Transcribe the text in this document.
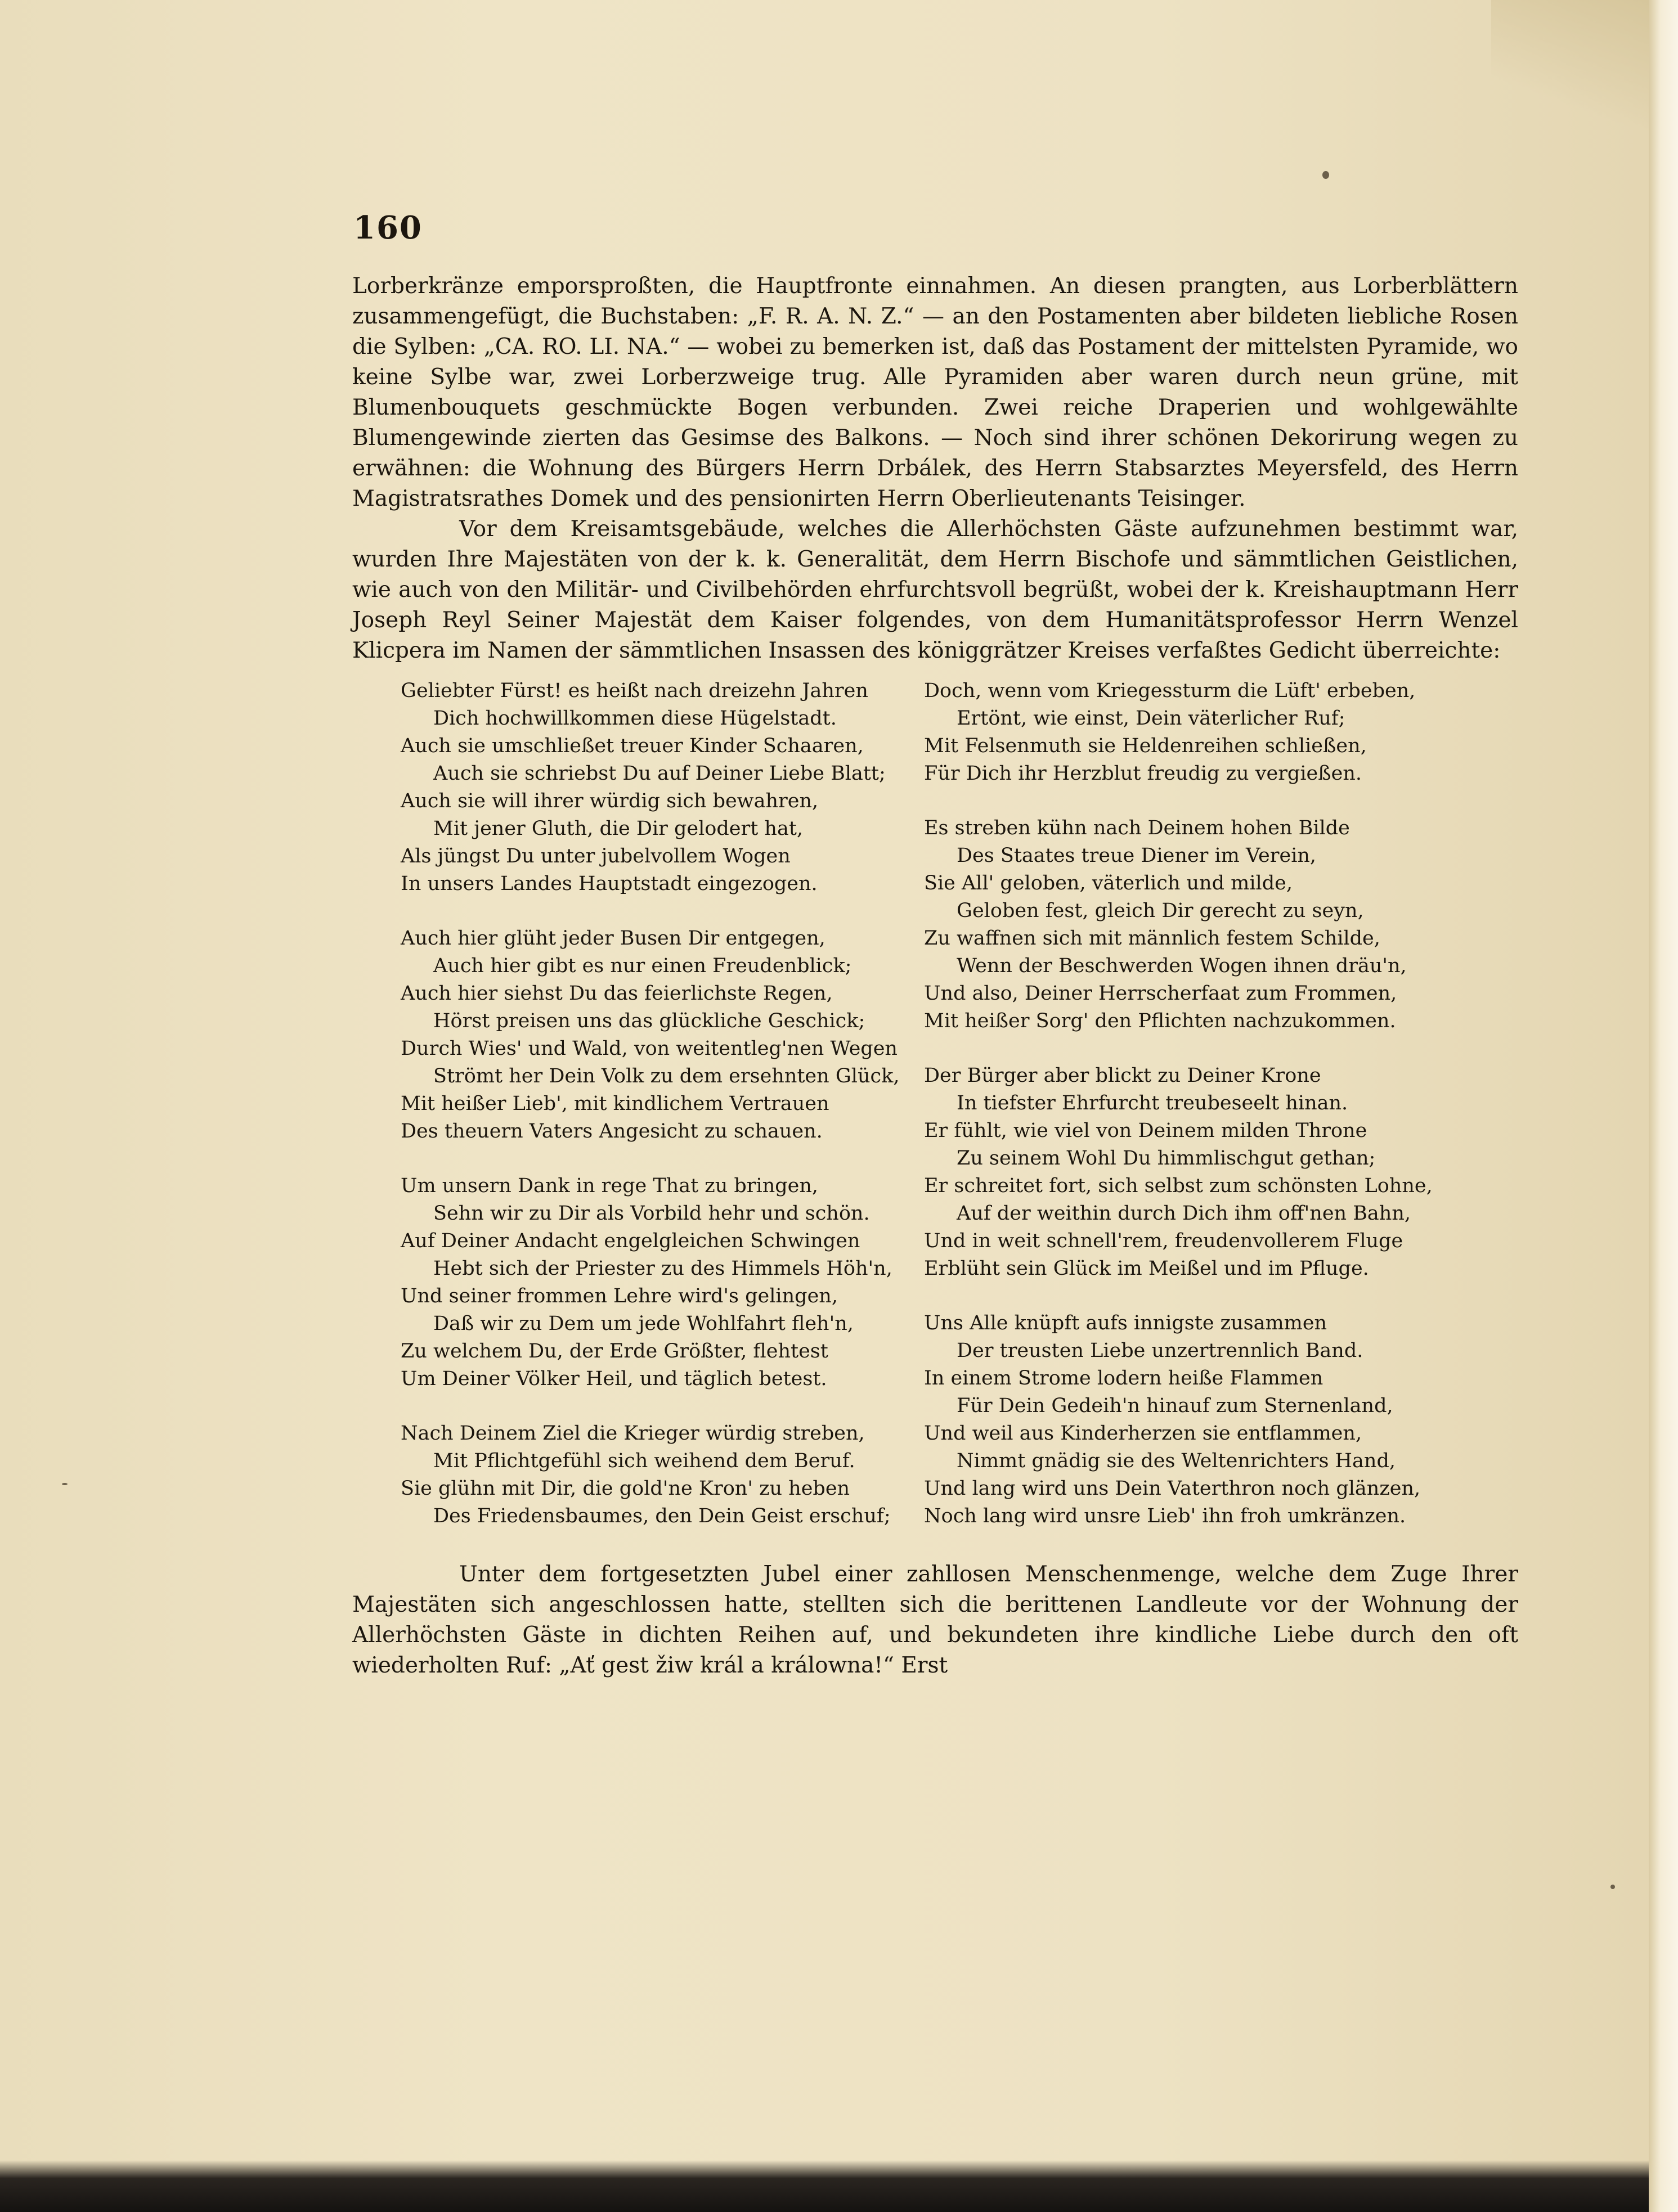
160

Lorberkränze emporsproßten, die Hauptfronte einnahmen. An diesen prangten, aus Lorberblättern zusammengefügt, die Buchstaben: „F. R. A. N. Z.“ — an den Postamenten aber bildeten liebliche Rosen die Sylben: „CA. RO. LI. NA.“ — wobei zu bemerken ist, daß das Postament der mittelsten Pyramide, wo keine Sylbe war, zwei Lorberzweige trug. Alle Pyramiden aber waren durch neun grüne, mit Blumenbouquets geschmückte Bogen verbunden. Zwei reiche Draperien und wohlgewählte Blumengewinde zierten das Gesimse des Balkons. — Noch sind ihrer schönen Dekorirung wegen zu erwähnen: die Wohnung des Bürgers Herrn Drbálek, des Herrn Stabsarztes Meyersfeld, des Herrn Magistratsrathes Domek und des pensionirten Herrn Oberlieutenants Teisinger.

Vor dem Kreisamtsgebäude, welches die Allerhöchsten Gäste aufzunehmen bestimmt war, wurden Ihre Majestäten von der k. k. Generalität, dem Herrn Bischofe und sämmtlichen Geistlichen, wie auch von den Militär- und Civilbehörden ehrfurchtsvoll begrüßt, wobei der k. Kreishauptmann Herr Joseph Reyl Seiner Majestät dem Kaiser folgendes, von dem Humanitätsprofessor Herrn Wenzel Klicpera im Namen der sämmtlichen Insassen des königgrätzer Kreises verfaßtes Gedicht überreichte:

Geliebter Fürst! es heißt nach dreizehn Jahren
Dich hochwillkommen diese Hügelstadt.
Auch sie umschließet treuer Kinder Schaaren,
Auch sie schriebst Du auf Deiner Liebe Blatt;
Auch sie will ihrer würdig sich bewahren,
Mit jener Gluth, die Dir gelodert hat,
Als jüngst Du unter jubelvollem Wogen
In unsers Landes Hauptstadt eingezogen.
Auch hier glüht jeder Busen Dir entgegen,
Auch hier gibt es nur einen Freudenblick;
Auch hier siehst Du das feierlichste Regen,
Hörst preisen uns das glückliche Geschick;
Durch Wies' und Wald, von weitentleg'nen Wegen
Strömt her Dein Volk zu dem ersehnten Glück,
Mit heißer Lieb', mit kindlichem Vertrauen
Des theuern Vaters Angesicht zu schauen.
Um unsern Dank in rege That zu bringen,
Sehn wir zu Dir als Vorbild hehr und schön.
Auf Deiner Andacht engelgleichen Schwingen
Hebt sich der Priester zu des Himmels Höh'n,
Und seiner frommen Lehre wird's gelingen,
Daß wir zu Dem um jede Wohlfahrt fleh'n,
Zu welchem Du, der Erde Größter, flehtest
Um Deiner Völker Heil, und täglich betest.
Nach Deinem Ziel die Krieger würdig streben,
Mit Pflichtgefühl sich weihend dem Beruf.
Sie glühn mit Dir, die gold'ne Kron' zu heben
Des Friedensbaumes, den Dein Geist erschuf;
Doch, wenn vom Kriegessturm die Lüft' erbeben,
Ertönt, wie einst, Dein väterlicher Ruf;
Mit Felsenmuth sie Heldenreihen schließen,
Für Dich ihr Herzblut freudig zu vergießen.
Es streben kühn nach Deinem hohen Bilde
Des Staates treue Diener im Verein,
Sie All' geloben, väterlich und milde,
Geloben fest, gleich Dir gerecht zu seyn,
Zu waffnen sich mit männlich festem Schilde,
Wenn der Beschwerden Wogen ihnen dräu'n,
Und also, Deiner Herrscherfaat zum Frommen,
Mit heißer Sorg' den Pflichten nachzukommen.
Der Bürger aber blickt zu Deiner Krone
In tiefster Ehrfurcht treubeseelt hinan.
Er fühlt, wie viel von Deinem milden Throne
Zu seinem Wohl Du himmlischgut gethan;
Er schreitet fort, sich selbst zum schönsten Lohne,
Auf der weithin durch Dich ihm off'nen Bahn,
Und in weit schnell'rem, freudenvollerem Fluge
Erblüht sein Glück im Meißel und im Pfluge.
Uns Alle knüpft aufs innigste zusammen
Der treusten Liebe unzertrennlich Band.
In einem Strome lodern heiße Flammen
Für Dein Gedeih'n hinauf zum Sternenland,
Und weil aus Kinderherzen sie entflammen,
Nimmt gnädig sie des Weltenrichters Hand,
Und lang wird uns Dein Vaterthron noch glänzen,
Noch lang wird unsre Lieb' ihn froh umkränzen.

Unter dem fortgesetzten Jubel einer zahllosen Menschenmenge, welche dem Zuge Ihrer Majestäten sich angeschlossen hatte, stellten sich die berittenen Landleute vor der Wohnung der Allerhöchsten Gäste in dichten Reihen auf, und bekundeten ihre kindliche Liebe durch den oft wiederholten Ruf: „Ať gest žiw král a králowna!“ Erst
